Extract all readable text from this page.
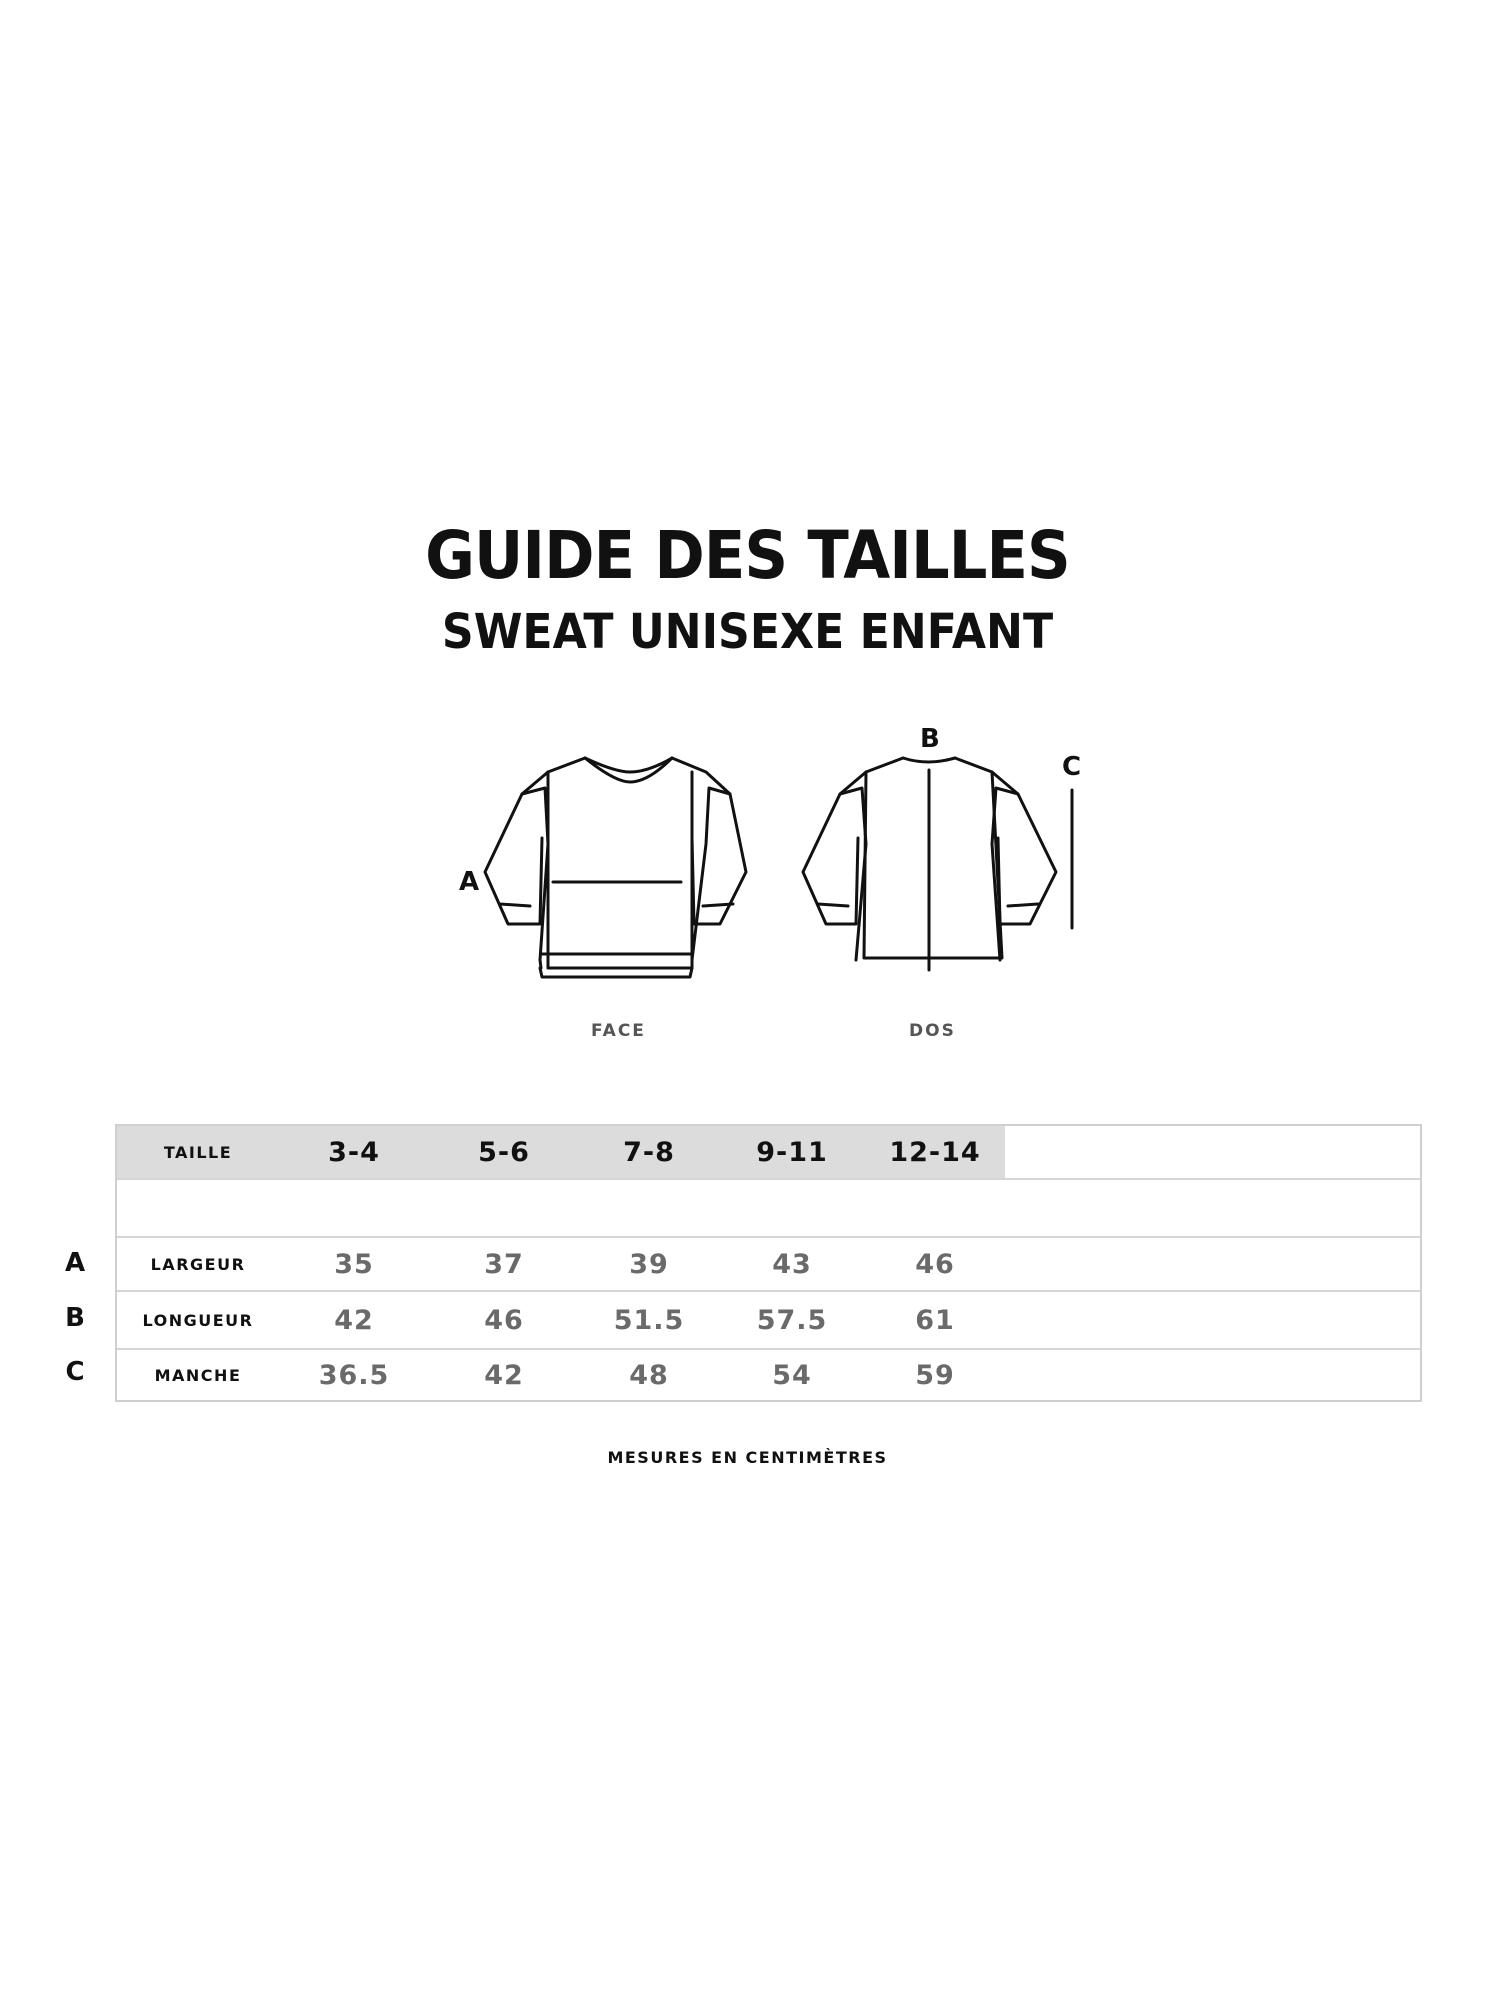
GUIDE DES TAILLES
SWEAT UNISEXE ENFANT
A
B
C
FACE	DOS
TAILLE	3-4	5-6	7-8	9-11	12-14
LARGEUR	35	37	39	43	46
LONGUEUR	42	46	51.5	57.5	61
MANCHE	36.5	42	48	54	59
A
B
C
MESURES EN CENTIMÈTRES
